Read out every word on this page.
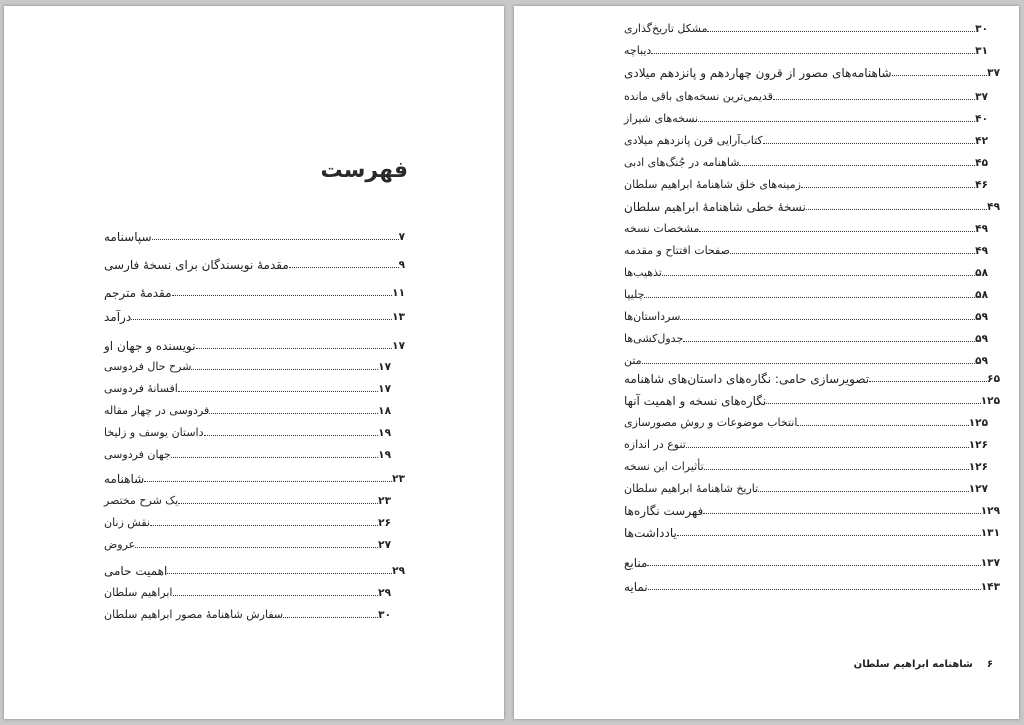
فهرست
سپاسنامه	۷
مقدمهٔ نویسندگان برای نسخهٔ فارسی	۹
مقدمهٔ مترجم	۱۱
درآمد	۱۳
نویسنده و جهان او	۱۷
شرح حال فردوسی	۱۷
افسانهٔ فردوسی	۱۷
فردوسی در چهار مقاله	۱۸
داستان یوسف و زلیخا	۱۹
جهان فردوسی	۱۹
شاهنامه	۲۳
یک شرح مختصر	۲۳
نقش زنان	۲۶
عروض	۲۷
اهمیت حامی	۲۹
ابراهیم سلطان	۲۹
سفارش شاهنامهٔ مصور ابراهیم سلطان	۳۰
مشکل تاریخ‌گذاری	۳۰
دیباچه	۳۱
شاهنامه‌های مصور از قرون چهاردهم و پانزدهم میلادی	۳۷
قدیمی‌ترین نسخه‌های باقی مانده	۳۷
نسخه‌های شیراز	۴۰
کتاب‌آرایی قرن پانزدهم میلادی	۴۲
شاهنامه در جُنگ‌های ادبی	۴۵
زمینه‌های خلق شاهنامهٔ ابراهیم سلطان	۴۶
نسخهٔ خطی شاهنامهٔ ابراهیم سلطان	۴۹
مشخصات نسخه	۴۹
صفحات افتتاح و مقدمه	۴۹
تذهیب‌ها	۵۸
چلیپا	۵۸
سرداستان‌ها	۵۹
جدول‌کشی‌ها	۵۹
متن	۵۹
تصویرسازی حامی: نگاره‌های داستان‌های شاهنامه	۶۵
نگاره‌های نسخه و اهمیت آنها	۱۲۵
انتخاب موضوعات و روش مصورسازی	۱۲۵
تنوع در اندازه	۱۲۶
تأثیرات این نسخه	۱۲۶
تاریخ شاهنامهٔ ابراهیم سلطان	۱۲۷
فهرست نگاره‌ها	۱۲۹
یادداشت‌ها	۱۳۱
منابع	۱۳۷
نمایه	۱۴۳
۶
شاهنامه ابراهیم سلطان
